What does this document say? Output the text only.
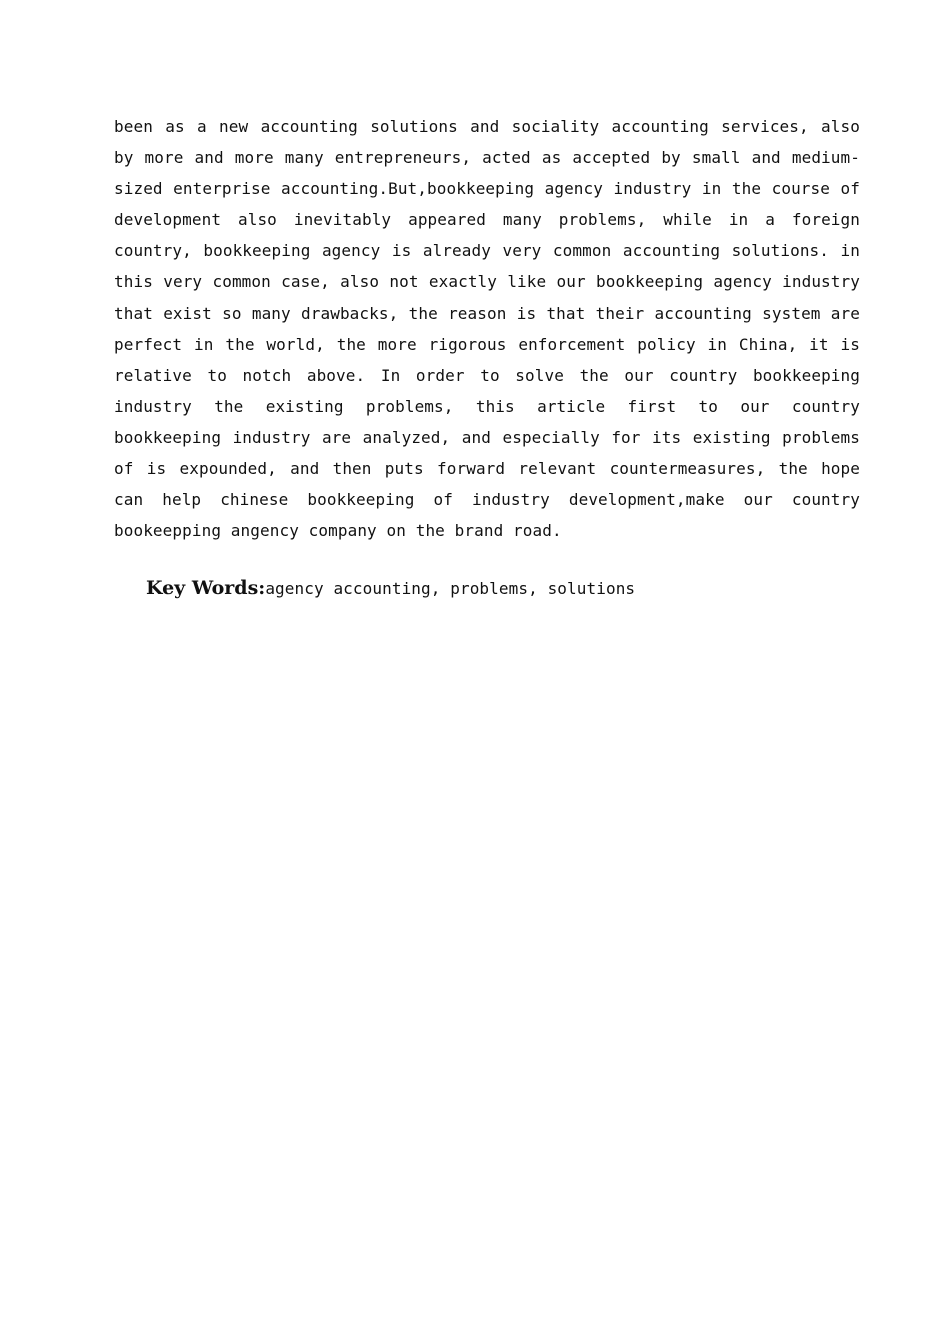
been as a new accounting solutions and sociality accounting services, also by more and more many entrepreneurs, acted as accepted by small and medium-sized enterprise accounting.But,bookkeeping agency industry in the course of development also inevitably appeared many problems, while in a foreign country, bookkeeping agency is already very common accounting solutions. in this very common case, also not exactly like our bookkeeping agency industry that exist so many drawbacks, the reason is that their accounting system are perfect in the world, the more rigorous enforcement policy in China, it is relative to notch above. In order to solve the our country bookkeeping industry the existing problems, this article first to our country bookkeeping industry are analyzed, and especially for its existing problems of is expounded, and then puts forward relevant countermeasures, the hope can help chinese bookkeeping of industry development,make our country bookeepping angency company on the brand road.

Key Words:agency accounting, problems, solutions
